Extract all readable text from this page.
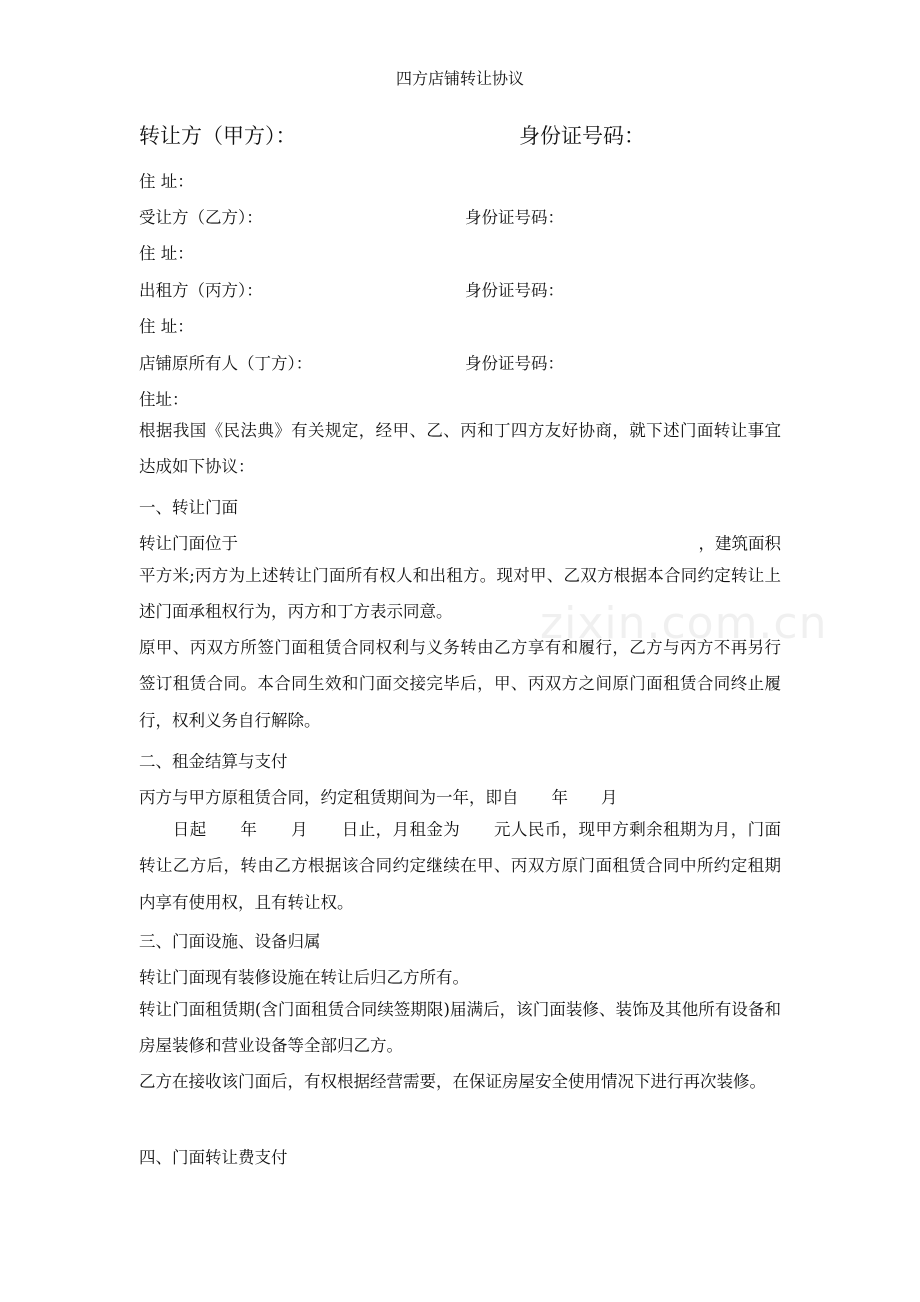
四方店铺转让协议
转让方（甲方）：	身份证号码：
住 址：
受让方（乙方）：	身份证号码：
住 址：
出租方（丙方）：	身份证号码：
住 址：
店铺原所有人（丁方）：	身份证号码：
住址：
根据我国《民法典》有关规定，经甲、乙、丙和丁四方友好协商，就下述门面转让事宜达成如下协议：
一、转让门面
转让门面位于	，建筑面积
平方米;丙方为上述转让门面所有权人和出租方。现对甲、乙双方根据本合同约定转让上述门面承租权行为，丙方和丁方表示同意。
原甲、丙双方所签门面租赁合同权利与义务转由乙方享有和履行，乙方与丙方不再另行签订租赁合同。本合同生效和门面交接完毕后，甲、丙双方之间原门面租赁合同终止履行，权利义务自行解除。
二、租金结算与支付
丙方与甲方原租赁合同，约定租赁期间为一年，即自　　年　　月
　　日起　　年　　月　　日止，月租金为　　元人民币，现甲方剩余租期为月，门面转让乙方后，转由乙方根据该合同约定继续在甲、丙双方原门面租赁合同中所约定租期内享有使用权，且有转让权。
三、门面设施、设备归属
转让门面现有装修设施在转让后归乙方所有。
转让门面租赁期(含门面租赁合同续签期限)届满后，该门面装修、装饰及其他所有设备和房屋装修和营业设备等全部归乙方。
乙方在接收该门面后，有权根据经营需要，在保证房屋安全使用情况下进行再次装修。
四、门面转让费支付
zixin.com.cn
